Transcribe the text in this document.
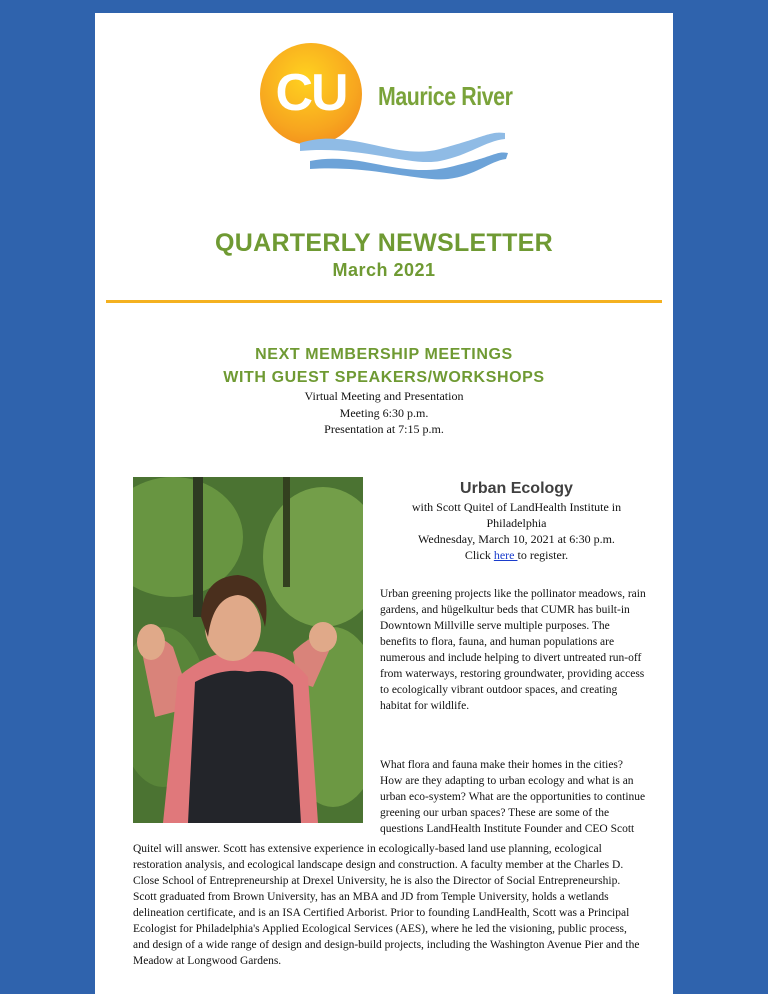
CU	Maurice River
QUARTERLY NEWSLETTER
March 2021
NEXT MEMBERSHIP MEETINGS
WITH GUEST SPEAKERS/WORKSHOPS
Virtual Meeting and Presentation
Meeting 6:30 p.m.
Presentation at 7:15 p.m.
Urban Ecology
with Scott Quitel of LandHealth Institute in
Philadelphia
Wednesday, March 10, 2021 at 6:30 p.m.
Click here to register.
Urban greening projects like the pollinator meadows, rain gardens, and hügelkultur beds that CUMR has built-in Downtown Millville serve multiple purposes. The benefits to flora, fauna, and human populations are numerous and include helping to divert untreated run-off from waterways, restoring groundwater, providing access to ecologically vibrant outdoor spaces, and creating habitat for wildlife.
What flora and fauna make their homes in the cities? How are they adapting to urban ecology and what is an urban eco-system? What are the opportunities to continue greening our urban spaces? These are some of the questions LandHealth Institute Founder and CEO Scott
Quitel will answer. Scott has extensive experience in ecologically-based land use planning, ecological restoration analysis, and ecological landscape design and construction. A faculty member at the Charles D. Close School of Entrepreneurship at Drexel University, he is also the Director of Social Entrepreneurship. Scott graduated from Brown University, has an MBA and JD from Temple University, holds a wetlands delineation certificate, and is an ISA Certified Arborist. Prior to founding LandHealth, Scott was a Principal Ecologist for Philadelphia's Applied Ecological Services (AES), where he led the visioning, public process, and design of a wide range of design and design-build projects, including the Washington Avenue Pier and the Meadow at Longwood Gardens.
